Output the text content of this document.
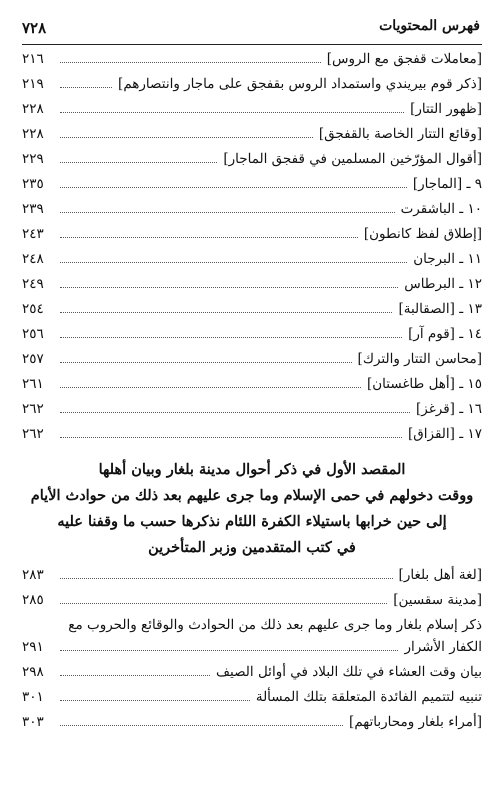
٧٢٨	فهرس المحتويات
٢١٦	[معاملات قفجق مع الروس]
٢١٩	[ذكر قوم بيريندي واستمداد الروس بقفجق على ماجار وانتصارهم]
٢٢٨	[ظهور التتار]
٢٢٨	[وقائع التتار الخاصة بالقفجق]
٢٢٩	[أقوال المؤرّخين المسلمين في قفجق الماجار]
٢٣٥	٩ ـ [الماجار]
٢٣٩	١٠ ـ الباشقرت
٢٤٣	[إطلاق لفظ كانطون]
٢٤٨	١١ ـ البرجان
٢٤٩	١٢ ـ البرطاس
٢٥٤	١٣ ـ [الصقالبة]
٢٥٦	١٤ ـ [قوم آر]
٢٥٧	[محاسن التتار والترك]
٢٦١	١٥ ـ [أهل طاغستان]
٢٦٢	١٦ ـ [قرغز]
٢٦٢	١٧ ـ [القزاق]
المقصد الأول في ذكر أحوال مدينة بلغار وبيان أهلها
ووقت دخولهم في حمى الإسلام وما جرى عليهم بعد ذلك من حوادث الأيام
إلى حين خرابها باستيلاء الكفرة اللئام نذكرها حسب ما وقفنا عليه
في كتب المتقدمين وزبر المتأخرين
٢٨٣	[لغة أهل بلغار]
٢٨٥	[مدينة سقسين]
ذكر إسلام بلغار وما جرى عليهم بعد ذلك من الحوادث والوقائع والحروب مع
٢٩١	الكفار الأشرار
٢٩٨	بيان وقت العشاء في تلك البلاد في أوائل الصيف
٣٠١	تنبيه لتتميم الفائدة المتعلقة بتلك المسألة
٣٠٣	[أمراء بلغار ومحارباتهم]
